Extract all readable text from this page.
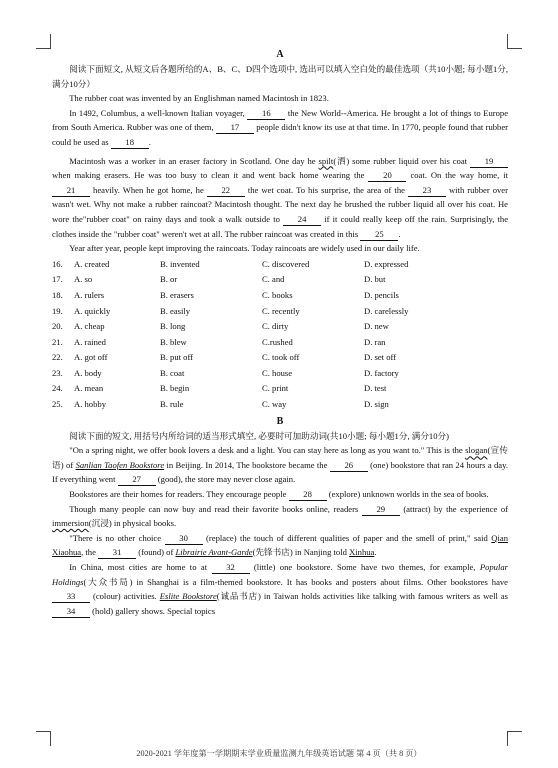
A

阅读下面短文, 从短文后各题所给的A、B、C、D四个选项中, 选出可以填入空白处的最佳选项（共10小题; 每小题1分, 满分10分）

The rubber coat was invented by an Englishman named Macintosh in 1823.

In 1492, Columbus, a well-known Italian voyager, 16 the New World--America. He brought a lot of things to Europe from South America. Rubber was one of them, 17 people didn't know its use at that time. In 1770, people found that rubber could be used as 18 .

Macintosh was a worker in an eraser factory in Scotland. One day he spilt(洒) some rubber liquid over his coat 19 when making erasers. He was too busy to clean it and went back home wearing the 20 coat. On the way home, it 21 heavily. When he got home, he 22 the wet coat. To his surprise, the area of the 23 with rubber over wasn't wet. Why not make a rubber raincoat? Macintosh thought. The next day he brushed the rubber liquid all over his coat. He wore the"rubber coat" on rainy days and took a walk outside to 24 if it could really keep off the rain. Surprisingly, the clothes inside the "rubber coat" weren't wet at all. The rubber raincoat was created in this 25 .

Year after year, people kept improving the raincoats. Today raincoats are widely used in our daily life.

16.	A. created	B. invented	C. discovered	D. expressed
17.	A. so	B. or	C. and	D. but
18.	A. rulers	B. erasers	C. books	D. pencils
19.	A. quickly	B. easily	C. recently	D. carelessly
20.	A. cheap	B. long	C. dirty	D. new
21.	A. rained	B. blew	C.rushed	D. ran
22.	A. got off	B. put off	C. took off	D. set off
23.	A. body	B. coat	C. house	D. factory
24.	A. mean	B. begin	C. print	D. test
25.	A. hobby	B. rule	C. way	D. sign
B

阅读下面的短文, 用括号内所给词的适当形式填空, 必要时可加助动词(共10小题; 每小题1分, 满分10分)

"On a spring night, we offer book lovers a desk and a light. You can stay here as long as you want to." This is the slogan(宣传语) of Sanlian Taofen Bookstore in Beijing. In 2014, The bookstore became the 26 (one) bookstore that ran 24 hours a day. If everything went 27 (good), the store may never close again.

Bookstores are their homes for readers. They encourage people 28 (explore) unknown worlds in the sea of books.

Though many people can now buy and read their favorite books online, readers 29 (attract) by the experience of immersion(沉浸) in physical books.

"There is no other choice 30 (replace) the touch of different qualities of paper and the smell of print," said Qian Xiaohua, the 31 (found) of Librairie Avant-Garde(先锋书店) in Nanjing told Xinhua.

In China, most cities are home to at 32 (little) one bookstore. Some have two themes, for example, Popular Holdings(大众书局) in Shanghai is a film-themed bookstore. It has books and posters about films. Other bookstores have 33 (colour) activities. Eslite Bookstore(诚品书店) in Taiwan holds activities like talking with famous writers as well as 34 (hold) gallery shows. Special topics

2020-2021 学年度第一学期期末学业质量监测九年级英语试题 第 4 页（共 8 页）
